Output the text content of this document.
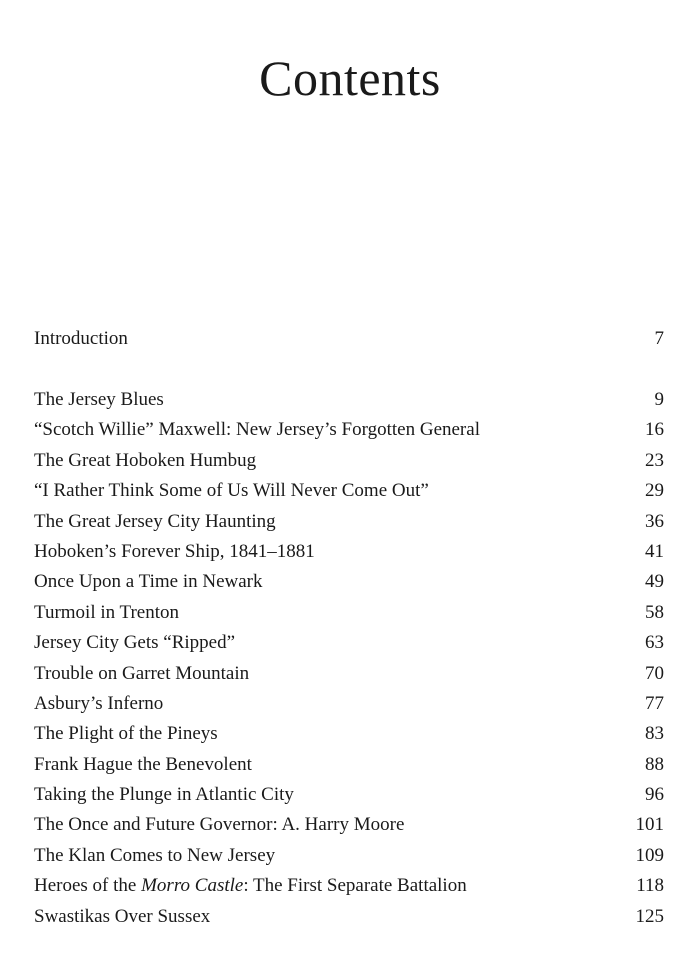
Contents
Introduction	7
The Jersey Blues	9
“Scotch Willie” Maxwell: New Jersey’s Forgotten General	16
The Great Hoboken Humbug	23
“I Rather Think Some of Us Will Never Come Out”	29
The Great Jersey City Haunting	36
Hoboken’s Forever Ship, 1841–1881	41
Once Upon a Time in Newark	49
Turmoil in Trenton	58
Jersey City Gets “Ripped”	63
Trouble on Garret Mountain	70
Asbury’s Inferno	77
The Plight of the Pineys	83
Frank Hague the Benevolent	88
Taking the Plunge in Atlantic City	96
The Once and Future Governor: A. Harry Moore	101
The Klan Comes to New Jersey	109
Heroes of the Morro Castle: The First Separate Battalion	118
Swastikas Over Sussex	125
